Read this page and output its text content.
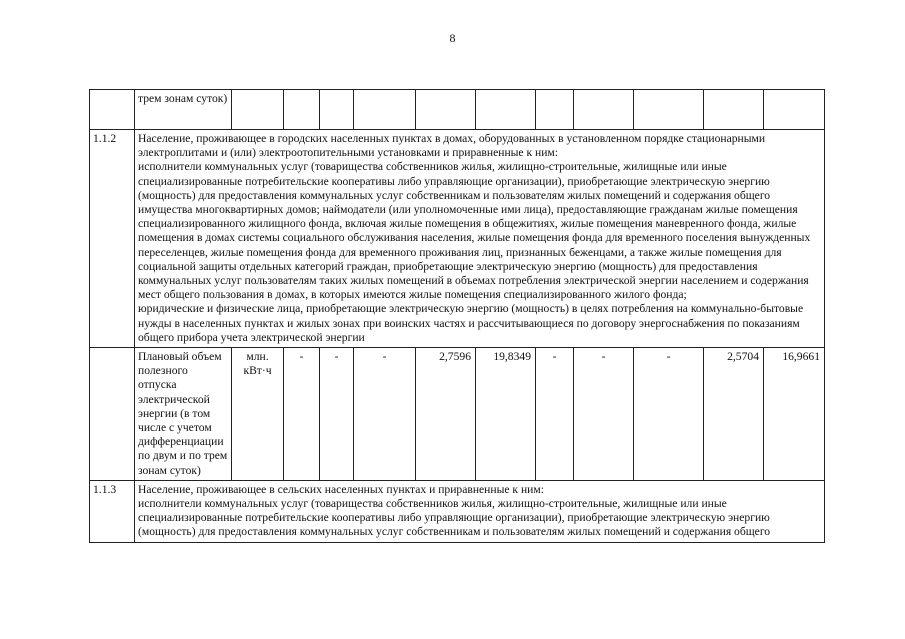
8
	трем зонам суток)											
1.1.2	Население, проживающее в городских населенных пунктах в домах, оборудованных в установленном порядке стационарными электроплитами и (или) электроотопительными установками и приравненные к ним:
исполнители коммунальных услуг (товарищества собственников жилья, жилищно-строительные, жилищные или иные специализированные потребительские кооперативы либо управляющие организации), приобретающие электрическую энергию (мощность) для предоставления коммунальных услуг собственникам и пользователям жилых помещений и содержания общего имущества многоквартирных домов; наймодатели (или уполномоченные ими лица), предоставляющие гражданам жилые помещения специализированного жилищного фонда, включая жилые помещения в общежитиях, жилые помещения маневренного фонда, жилые помещения в домах системы социального обслуживания населения, жилые помещения фонда для временного поселения вынужденных переселенцев, жилые помещения фонда для временного проживания лиц, признанных беженцами, а также жилые помещения для социальной защиты отдельных категорий граждан, приобретающие электрическую энергию (мощность) для предоставления коммунальных услуг пользователям таких жилых помещений в объемах потребления электрической энергии населением и содержания мест общего пользования в домах, в которых имеются жилые помещения специализированного жилого фонда;
юридические и физические лица, приобретающие электрическую энергию (мощность) в целях потребления на коммунально-бытовые нужды в населенных пунктах и жилых зонах при воинских частях и рассчитывающиеся по договору энергоснабжения по показаниям общего прибора учета электрической энергии											

	Плановый объем полезного отпуска электрической энергии (в том числе с учетом дифференциации по двум и по трем зонам суток)	млн. кВт·ч	-	-	-	2,7596	19,8349	-	-	-	2,5704	16,9661
1.1.3	Население, проживающее в сельских населенных пунктах и приравненные к ним:
исполнители коммунальных услуг (товарищества собственников жилья, жилищно-строительные, жилищные или иные специализированные потребительские кооперативы либо управляющие организации), приобретающие электрическую энергию (мощность) для предоставления коммунальных услуг собственникам и пользователям жилых помещений и содержания общего											
